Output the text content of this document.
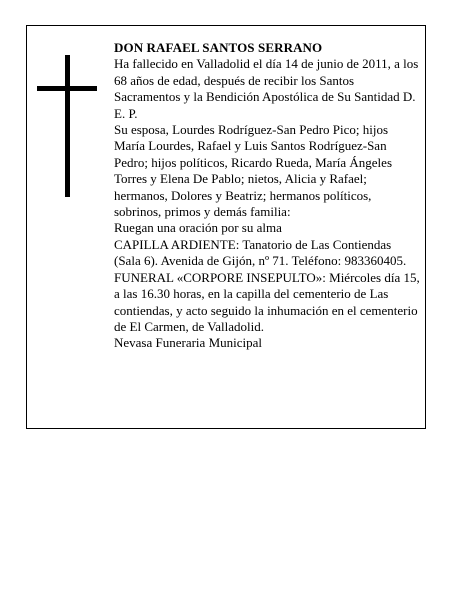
DON RAFAEL SANTOS SERRANO

Ha fallecido en Valladolid el día 14 de junio de 2011, a los 68 años de edad, después de recibir los Santos Sacramentos y la Bendición Apostólica de Su Santidad D. E. P.

Su esposa, Lourdes Rodríguez-San Pedro Pico; hijos María Lourdes, Rafael y Luis Santos Rodríguez-San Pedro; hijos políticos, Ricardo Rueda, María Ángeles Torres y Elena De Pablo; nietos, Alicia y Rafael; hermanos, Dolores y Beatriz; hermanos políticos, sobrinos, primos y demás familia:

Ruegan una oración por su alma

CAPILLA ARDIENTE: Tanatorio de Las Contiendas (Sala 6). Avenida de Gijón, nº 71. Teléfono: 983360405.

FUNERAL «CORPORE INSEPULTO»: Miércoles día 15, a las 16.30 horas, en la capilla del cementerio de Las contiendas, y acto seguido la inhumación en el cementerio de El Carmen, de Valladolid.

Nevasa Funeraria Municipal
